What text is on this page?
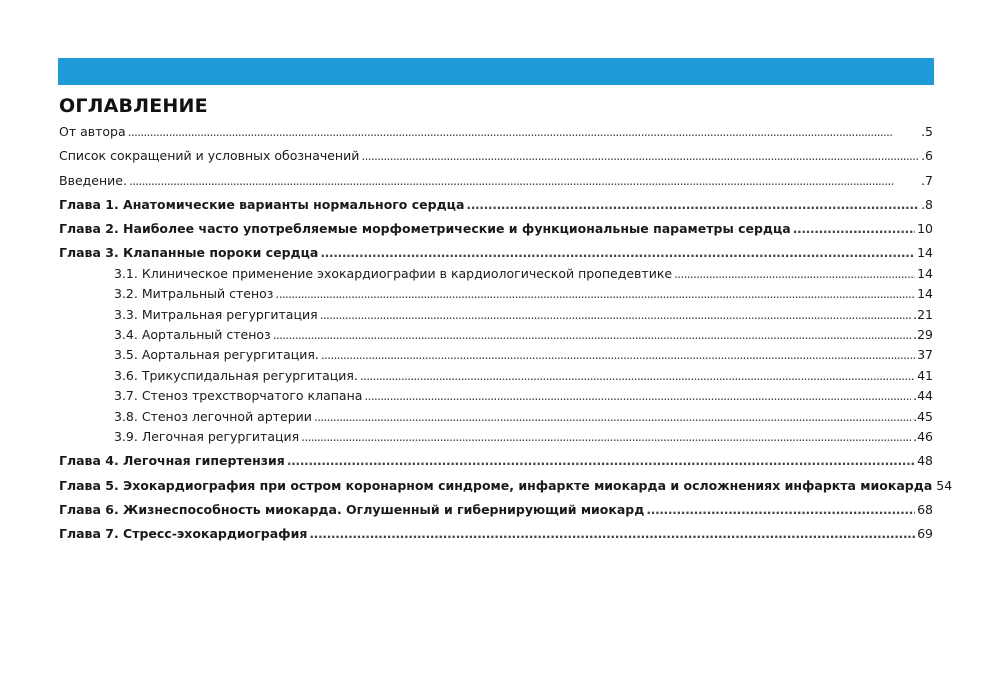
ОГЛАВЛЕНИЕ
От автора . . .	.5
Список сокращений и условных обозначений . . .	.6
Введение. . . .	.7
Глава 1. Анатомические варианты нормального сердца . . .	.8
Глава 2. Наиболее часто употребляемые морфометрические и функциональные параметры сердца . . .	10
Глава 3. Клапанные пороки сердца . . .	14
3.1. Клиническое применение эхокардиографии в кардиологической пропедевтике . . .	14
3.2. Митральный стеноз . . .	14
3.3. Митральная регургитация . . .	.21
3.4. Аортальный стеноз . . .	.29
3.5. Аортальная регургитация. . . .	37
3.6. Трикуспидальная регургитация. . . .	41
3.7. Стеноз трехстворчатого клапана . . .	.44
3.8. Стеноз легочной артерии . . .	.45
3.9. Легочная регургитация . . .	.46
Глава 4. Легочная гипертензия . . .	48
Глава 5. Эхокардиография при остром коронарном синдроме, инфаркте миокарда и осложнениях инфаркта миокарда 54
Глава 6. Жизнеспособность миокарда. Оглушенный и гибернирующий миокард . . .	68
Глава 7. Стресс-эхокардиография . . .	69
